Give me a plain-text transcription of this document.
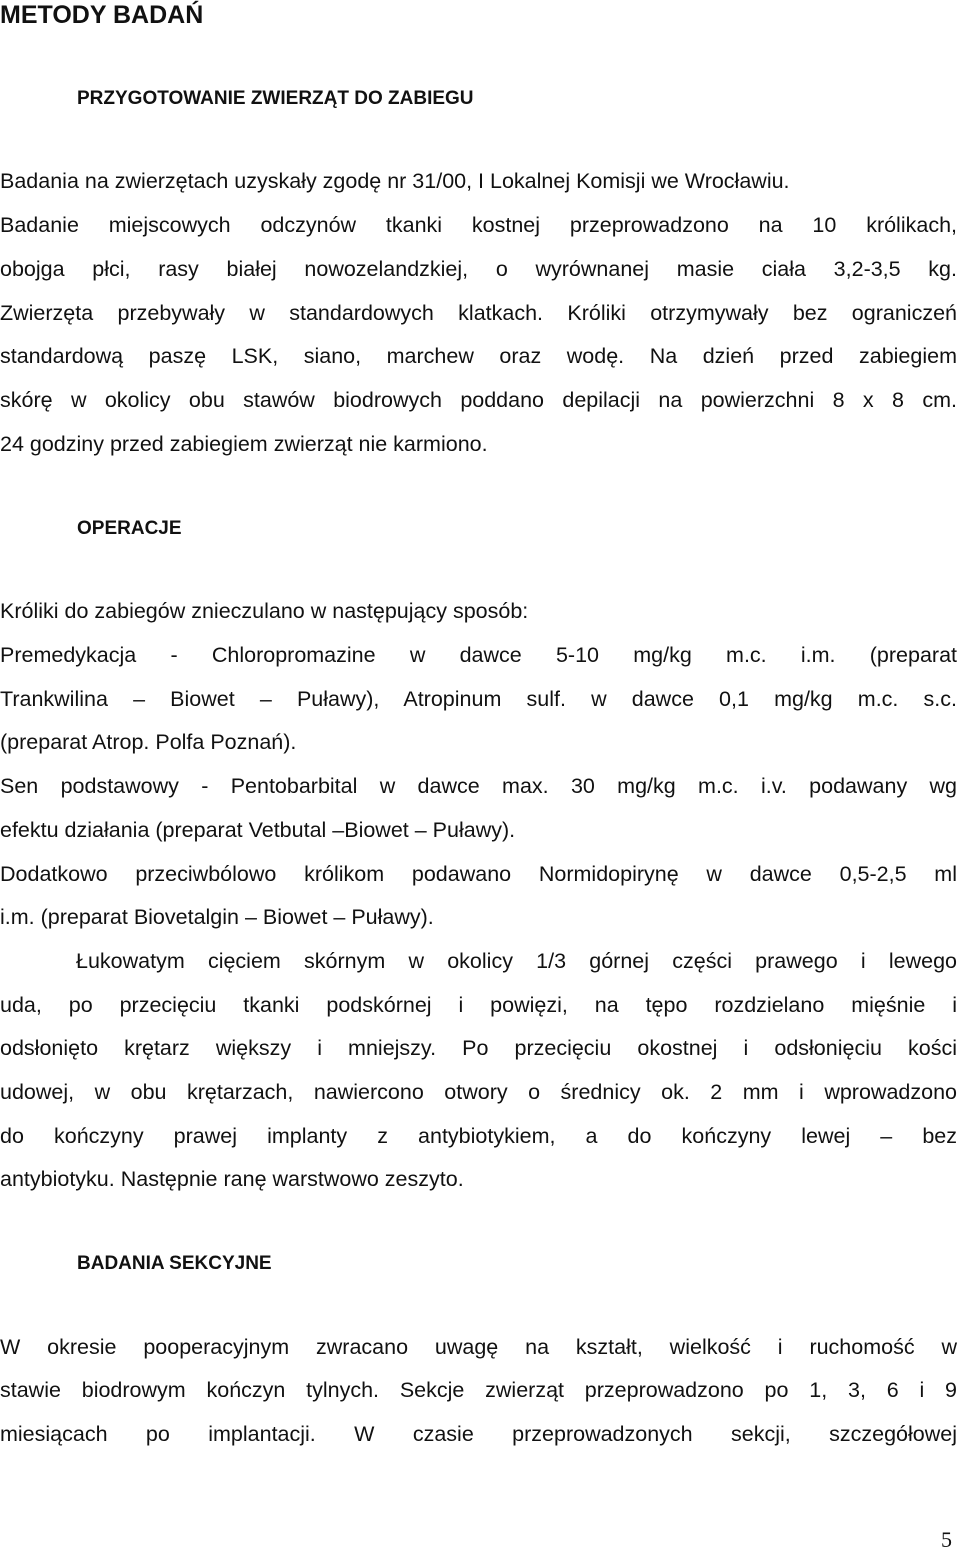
METODY BADAŃ
PRZYGOTOWANIE ZWIERZĄT DO ZABIEGU
Badania na zwierzętach uzyskały zgodę nr 31/00, I Lokalnej Komisji we Wrocławiu.
Badanie miejscowych odczynów tkanki kostnej przeprowadzono na 10 królikach,
obojga płci, rasy białej nowozelandzkiej, o wyrównanej masie ciała 3,2-3,5 kg.
Zwierzęta przebywały w standardowych klatkach. Króliki otrzymywały bez ograniczeń
standardową paszę LSK, siano, marchew oraz wodę. Na dzień przed zabiegiem
skórę w okolicy obu stawów biodrowych poddano depilacji na powierzchni 8 x 8 cm.
24 godziny przed zabiegiem zwierząt nie karmiono.
OPERACJE
Króliki do zabiegów znieczulano w następujący sposób:
Premedykacja - Chloropromazine w dawce 5-10 mg/kg m.c. i.m. (preparat
Trankwilina – Biowet – Puławy), Atropinum sulf. w dawce 0,1 mg/kg m.c. s.c.
(preparat Atrop. Polfa Poznań).
Sen podstawowy - Pentobarbital w dawce max. 30 mg/kg m.c. i.v. podawany wg
efektu działania (preparat Vetbutal –Biowet – Puławy).
Dodatkowo przeciwbólowo królikom podawano Normidopirynę w dawce 0,5-2,5 ml
i.m. (preparat Biovetalgin – Biowet – Puławy).
Łukowatym cięciem skórnym w okolicy 1/3 górnej części prawego i lewego
uda, po przecięciu tkanki podskórnej i powięzi, na tępo rozdzielano mięśnie i
odsłonięto krętarz większy i mniejszy. Po przecięciu okostnej i odsłonięciu kości
udowej, w obu krętarzach, nawiercono otwory o średnicy ok. 2 mm i wprowadzono
do kończyny prawej implanty z antybiotykiem, a do kończyny lewej – bez
antybiotyku. Następnie ranę warstwowo zeszyto.
BADANIA SEKCYJNE
W okresie pooperacyjnym zwracano uwagę na kształt, wielkość i ruchomość w
stawie biodrowym kończyn tylnych. Sekcje zwierząt przeprowadzono po 1, 3, 6 i 9
miesiącach po implantacji. W czasie przeprowadzonych sekcji, szczegółowej
5
